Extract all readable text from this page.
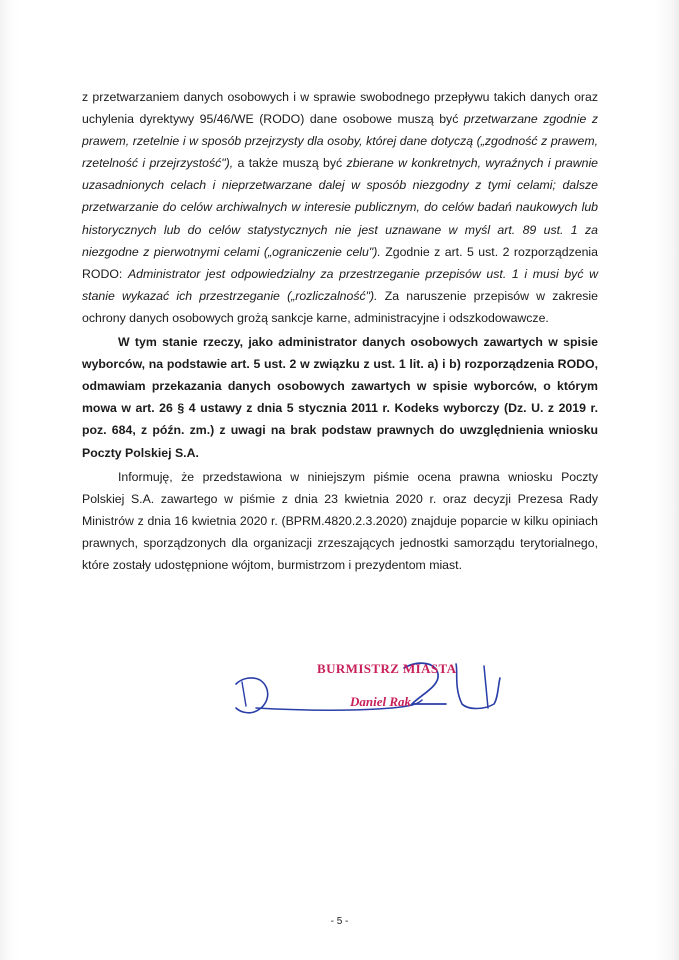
z przetwarzaniem danych osobowych i w sprawie swobodnego przepływu takich danych oraz uchylenia dyrektywy 95/46/WE (RODO) dane osobowe muszą być przetwarzane zgodnie z prawem, rzetelnie i w sposób przejrzysty dla osoby, której dane dotyczą („zgodność z prawem, rzetelność i przejrzystość"), a także muszą być zbierane w konkretnych, wyraźnych i prawnie uzasadnionych celach i nieprzetwarzane dalej w sposób niezgodny z tymi celami; dalsze przetwarzanie do celów archiwalnych w interesie publicznym, do celów badań naukowych lub historycznych lub do celów statystycznych nie jest uznawane w myśl art. 89 ust. 1 za niezgodne z pierwotnymi celami („ograniczenie celu"). Zgodnie z art. 5 ust. 2 rozporządzenia RODO: Administrator jest odpowiedzialny za przestrzeganie przepisów ust. 1 i musi być w stanie wykazać ich przestrzeganie („rozliczalność"). Za naruszenie przepisów w zakresie ochrony danych osobowych grożą sankcje karne, administracyjne i odszkodowawcze.

W tym stanie rzeczy, jako administrator danych osobowych zawartych w spisie wyborców, na podstawie art. 5 ust. 2 w związku z ust. 1 lit. a) i b) rozporządzenia RODO, odmawiam przekazania danych osobowych zawartych w spisie wyborców, o którym mowa w art. 26 § 4 ustawy z dnia 5 stycznia 2011 r. Kodeks wyborczy (Dz. U. z 2019 r. poz. 684, z późn. zm.) z uwagi na brak podstaw prawnych do uwzględnienia wniosku Poczty Polskiej S.A.

Informuję, że przedstawiona w niniejszym piśmie ocena prawna wniosku Poczty Polskiej S.A. zawartego w piśmie z dnia 23 kwietnia 2020 r. oraz decyzji Prezesa Rady Ministrów z dnia 16 kwietnia 2020 r. (BPRM.4820.2.3.2020) znajduje poparcie w kilku opiniach prawnych, sporządzonych dla organizacji zrzeszających jednostki samorządu terytorialnego, które zostały udostępnione wójtom, burmistrzom i prezydentom miast.

BURMISTRZ MIASTA
Daniel Rak
- 5 -
